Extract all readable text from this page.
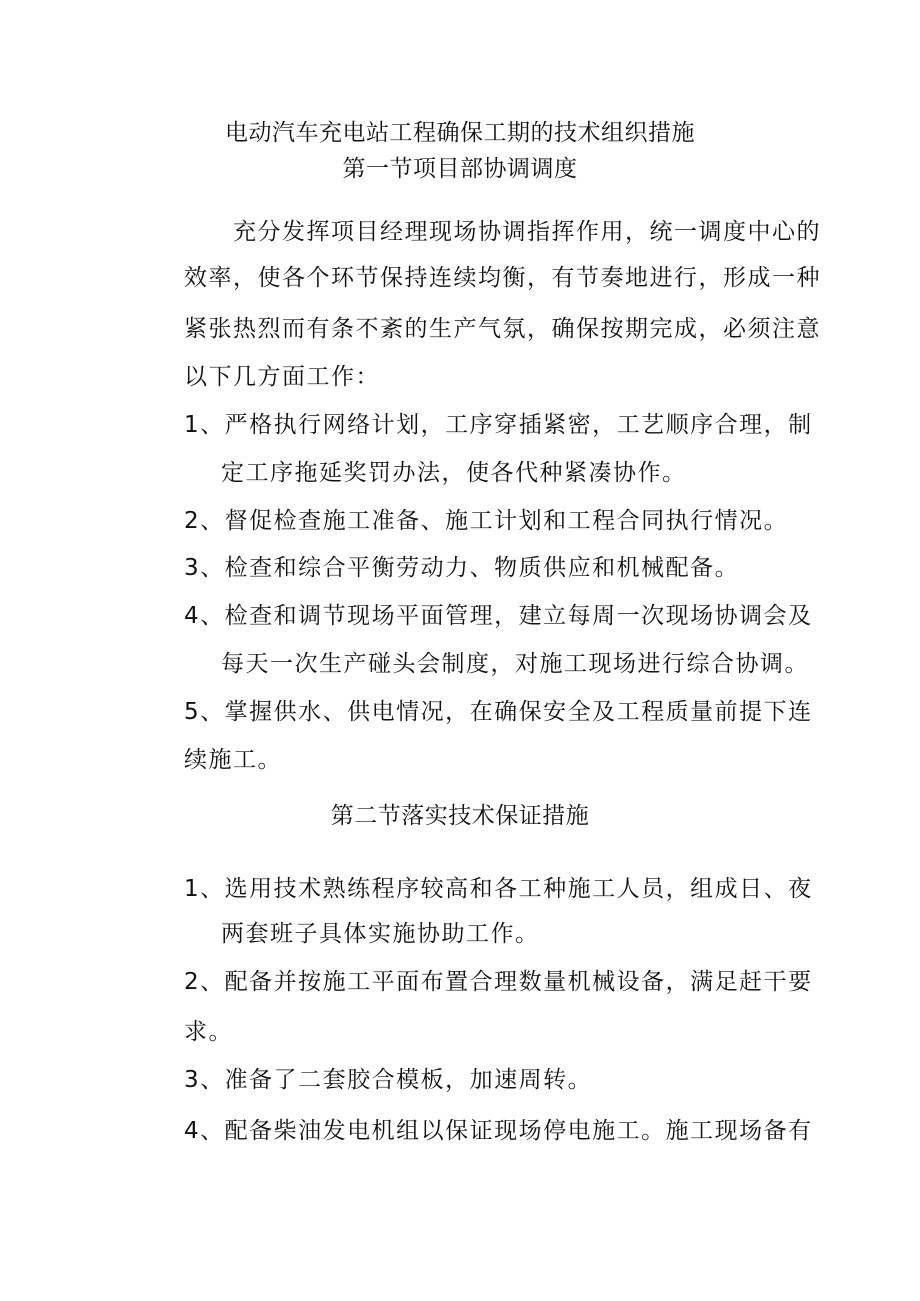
电动汽车充电站工程确保工期的技术组织措施
第一节项目部协调调度
充分发挥项目经理现场协调指挥作用，统一调度中心的
效率，使各个环节保持连续均衡，有节奏地进行，形成一种
紧张热烈而有条不紊的生产气氛，确保按期完成，必须注意
以下几方面工作：
1、严格执行网络计划，工序穿插紧密，工艺顺序合理，制
定工序拖延奖罚办法，使各代种紧凑协作。
2、督促检查施工准备、施工计划和工程合同执行情况。
3、检查和综合平衡劳动力、物质供应和机械配备。
4、检查和调节现场平面管理，建立每周一次现场协调会及
每天一次生产碰头会制度，对施工现场进行综合协调。
5、掌握供水、供电情况，在确保安全及工程质量前提下连
续施工。
第二节落实技术保证措施
1、选用技术熟练程序较高和各工种施工人员，组成日、夜
两套班子具体实施协助工作。
2、配备并按施工平面布置合理数量机械设备，满足赶干要
求。
3、准备了二套胶合模板，加速周转。
4、配备柴油发电机组以保证现场停电施工。施工现场备有
